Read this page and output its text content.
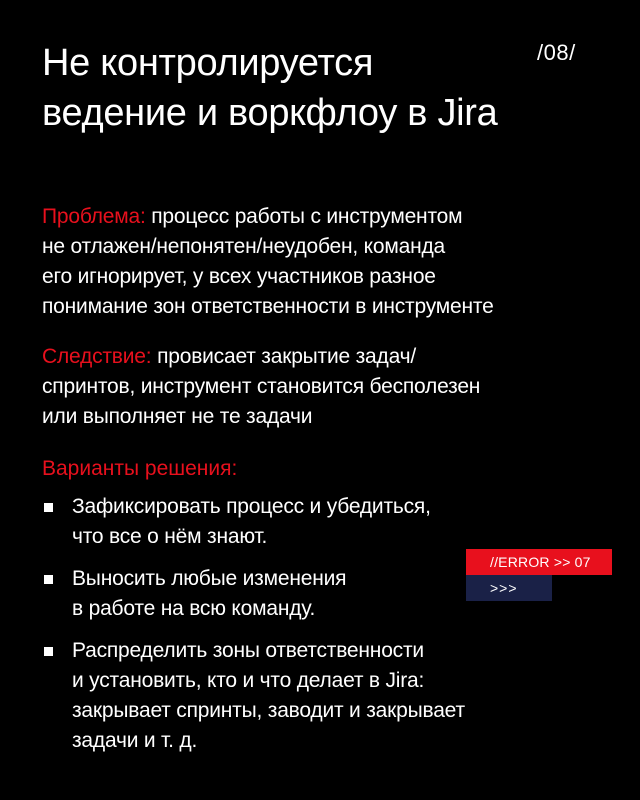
Не контролируется
ведение и воркфлоу в Jira
/08/
Проблема: процесс работы с инструментом
не отлажен/непонятен/неудобен, команда
его игнорирует, у всех участников разное
понимание зон ответственности в инструменте
Следствие: провисает закрытие задач/
спринтов, инструмент становится бесполезен
или выполняет не те задачи
Варианты решения:
Зафиксировать процесс и убедиться,
что все о нём знают.
Выносить любые изменения
в работе на всю команду.
Распределить зоны ответственности
и установить, кто и что делает в Jira:
закрывает спринты, заводит и закрывает
задачи и т. д.
//ERROR >> 07
>>>
